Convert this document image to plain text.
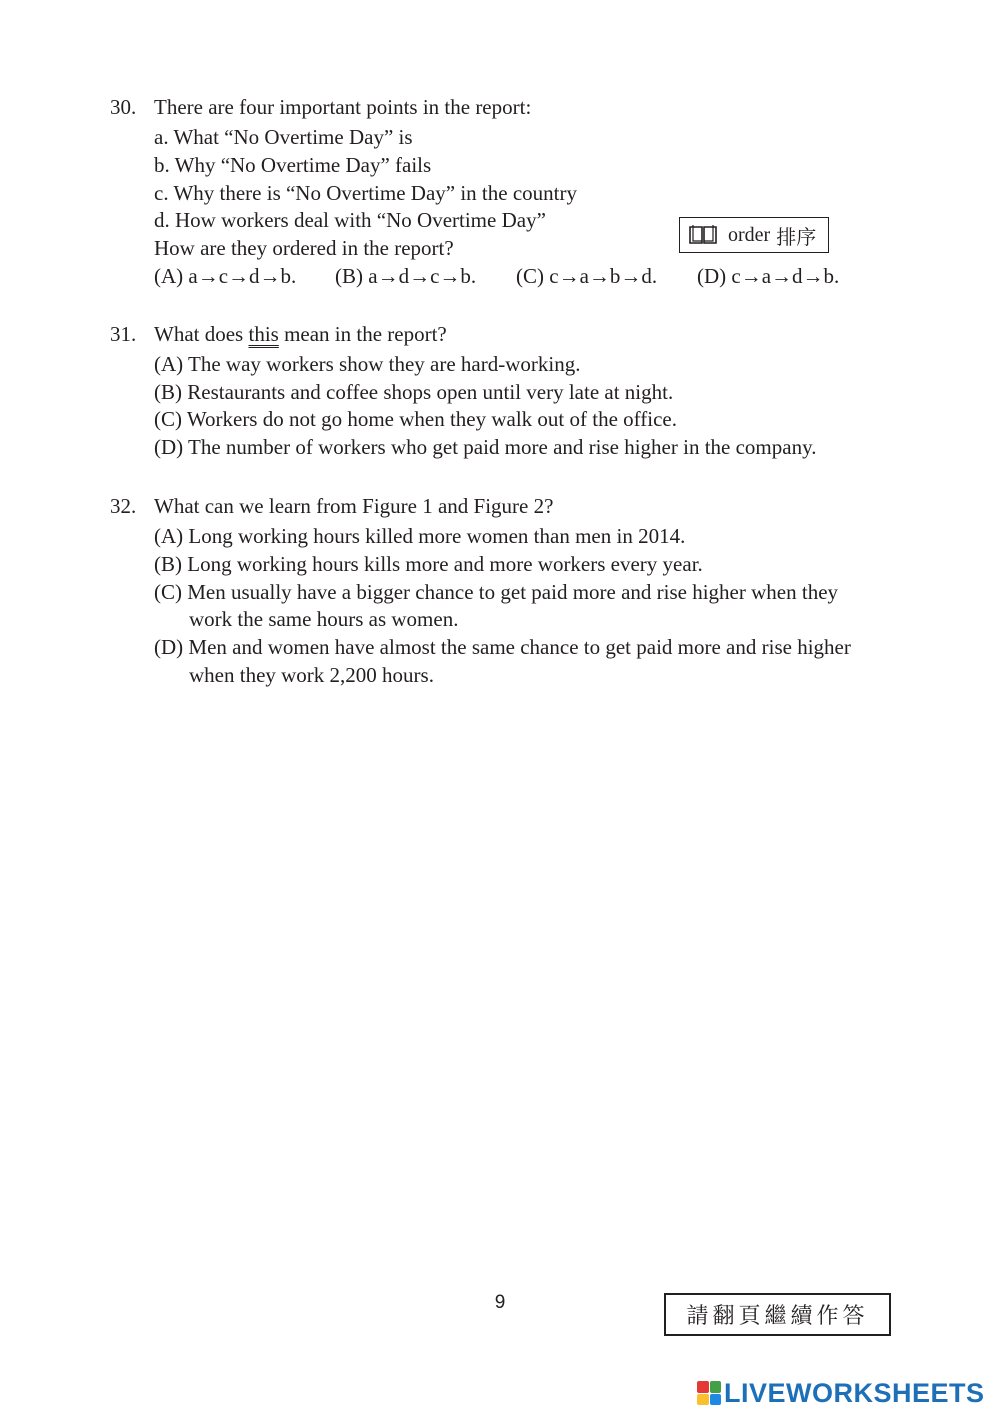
30. There are four important points in the report:
a. What “No Overtime Day” is
b. Why “No Overtime Day” fails
c. Why there is “No Overtime Day” in the country
d. How workers deal with “No Overtime Day”
How are they ordered in the report?
order 排序
(A) a→c→d→b. (B) a→d→c→b. (C) c→a→b→d. (D) c→a→d→b.
31. What does this mean in the report?
(A) The way workers show they are hard-working.
(B) Restaurants and coffee shops open until very late at night.
(C) Workers do not go home when they walk out of the office.
(D) The number of workers who get paid more and rise higher in the company.
32. What can we learn from Figure 1 and Figure 2?
(A) Long working hours killed more women than men in 2014.
(B) Long working hours kills more and more workers every year.
(C) Men usually have a bigger chance to get paid more and rise higher when they
work the same hours as women.
(D) Men and women have almost the same chance to get paid more and rise higher
when they work 2,200 hours.
9
請翻頁繼續作答
LIVEWORKSHEETS
